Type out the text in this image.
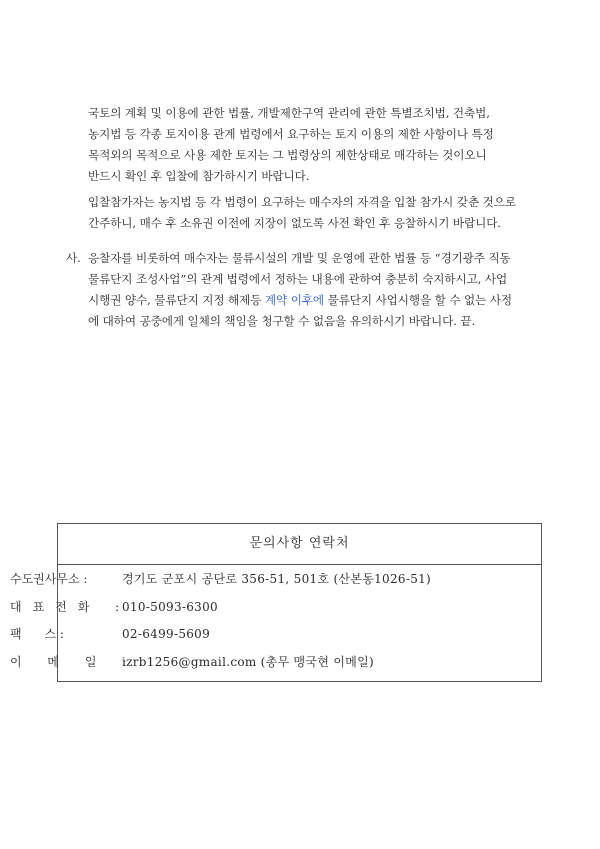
국토의 계획 및 이용에 관한 법률, 개발제한구역 관리에 관한 특별조치법, 건축법,

농지법 등 각종 토지이용 관계 법령에서 요구하는 토지 이용의 제한 사항이나 특정

목적외의 목적으로 사용 제한 토지는 그 법령상의 제한상태로 매각하는 것이오니

반드시 확인 후 입찰에 참가하시기 바랍니다.

입찰참가자는 농지법 등 각 법령이 요구하는 매수자의 자격을 입찰 참가시 갖춘 것으로

간주하니, 매수 후 소유권 이전에 지장이 없도록 사전 확인 후 응찰하시기 바랍니다.

사. 응찰자를 비롯하여 매수자는 물류시설의 개발 및 운영에 관한 법률 등 “경기광주 직동

물류단지 조성사업”의 관계 법령에서 정하는 내용에 관하여 충분히 숙지하시고, 사업

시행권 양수, 물류단지 지정 해제등 계약 이후에 물류단지 사업시행을 할 수 없는 사정

에 대하여 공중에게 일체의 책임을 청구할 수 없음을 유의하시기 바랍니다. 끝.

문의사항 연락처
수도권사무소 :	경기도 군포시 공단로 356-51, 501호 (산본동1026-51)
대표전화 :
010-5093-6300
팩      스 :	02-6499-5609
이 메 일 :
izrb1256@gmail.com (총무 맹국현 이메일)
